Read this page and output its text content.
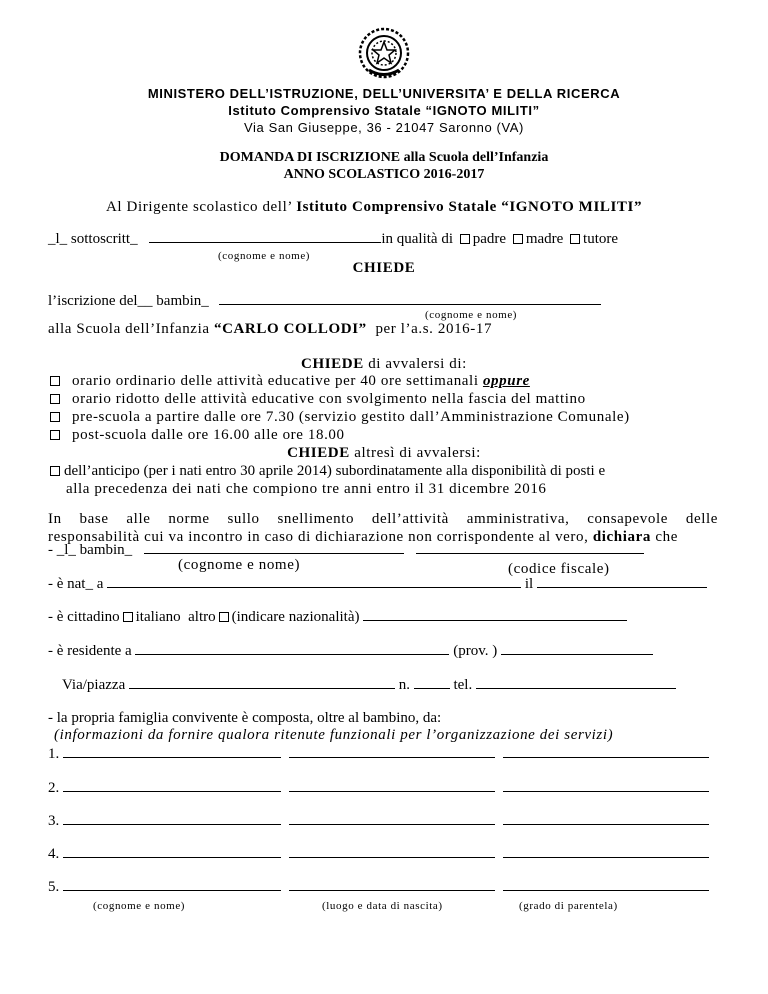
MINISTERO DELL’ISTRUZIONE, DELL’UNIVERSITA’ E DELLA RICERCA
Istituto Comprensivo Statale “IGNOTO MILITI”
Via San Giuseppe, 36 - 21047 Saronno (VA)
DOMANDA DI ISCRIZIONE alla Scuola dell’Infanzia
ANNO SCOLASTICO 2016-2017
Al Dirigente scolastico dell’ Istituto Comprensivo Statale “IGNOTO MILITI”
_l_ sottoscritt_	in qualità di padre madre tutore
(cognome e nome)
CHIEDE
l’iscrizione del__ bambin_
(cognome e nome)
alla Scuola dell’Infanzia “CARLO COLLODI” per l’a.s. 2016-17
CHIEDE di avvalersi di:
orario ordinario delle attività educative per 40 ore settimanali oppure
orario ridotto delle attività educative con svolgimento nella fascia del mattino
pre-scuola a partire dalle ore 7.30 (servizio gestito dall’Amministrazione Comunale)
post-scuola dalle ore 16.00 alle ore 18.00
CHIEDE altresì di avvalersi:
dell’anticipo (per i nati entro 30 aprile 2014) subordinatamente alla disponibilità di posti e
alla precedenza dei nati che compiono tre anni entro il 31 dicembre 2016
In base alle norme sullo snellimento dell’attività amministrativa, consapevole delle
responsabilità cui va incontro in caso di dichiarazione non corrispondente al vero, dichiara che
- _l_ bambin_
(cognome e nome)	(codice fiscale)
- è nat_ a	il
- è cittadino italiano altro (indicare nazionalità)
- è residente a	(prov. )
Via/piazza	n.	tel.
- la propria famiglia convivente è composta, oltre al bambino, da:
(informazioni da fornire qualora ritenute funzionali per l’organizzazione dei servizi)
1.
2.
3.
4.
5.
(cognome e nome)	(luogo e data di nascita)	(grado di parentela)
